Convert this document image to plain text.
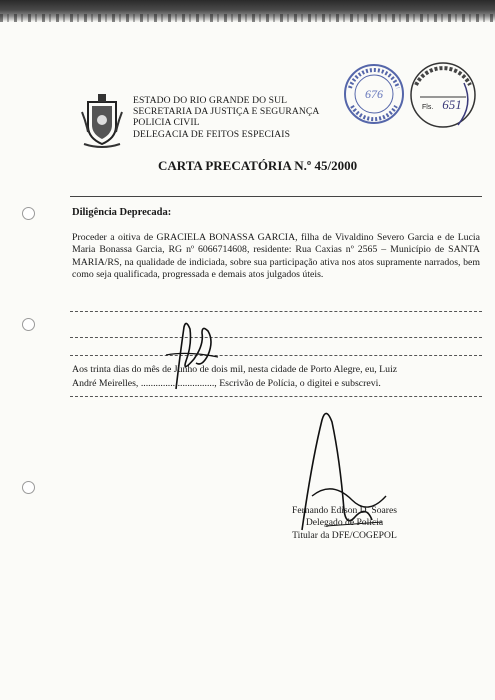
ESTADO DO RIO GRANDE DO SUL
SECRETARIA DA JUSTIÇA E SEGURANÇA
POLICIA CIVIL
DELEGACIA DE FEITOS ESPECIAIS
676
Fls. 651
CARTA PRECATÓRIA N.º 45/2000
Diligência Deprecada:
Proceder a oitiva de GRACIELA BONASSA GARCIA, filha de Vivaldino Severo Garcia e de Lucia Maria Bonassa Garcia, RG nº 6066714608, residente: Rua Caxias nº 2565 – Município de SANTA MARIA/RS, na qualidade de indiciada, sobre sua participação ativa nos atos supramente narrados, bem como seja qualificada, progressada e demais atos julgados úteis.
Aos trinta dias do mês de Junho de dois mil, nesta cidade de Porto Alegre, eu, Luiz
André Meirelles, .............................., Escrivão de Polícia, o digitei e subscrevi.
Fernando Edison D. Soares
Delegado de Polícia
Titular da DFE/COGEPOL
